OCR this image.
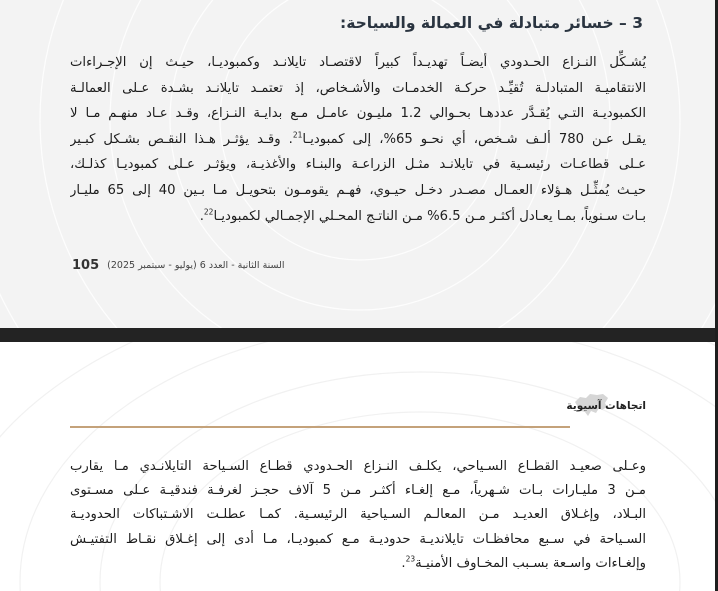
3 – خسائر متبادلة في العمالة والسياحة:
يُشـكِّل النـزاع الحـدودي أيضـاً تهديـداً كبيراً لاقتصـاد تايلانـد وكمبوديـا، حيـث إن الإجـراءات
الانتقاميـة المتبادلـة تُقيِّـد حركـة الخدمـات والأشـخاص، إذ تعتمـد تايلانـد بشـدة عـلى العمالـة
الكمبوديـة التـي يُقـدَّر عددهـا بحـوالي 1.2 مليـون عامـل مـع بدايـة النـزاع، وقـد عـاد منهـم مـا لا
يقـل عـن 780 ألـف شـخص، أي نحـو 65%، إلى كمبوديـا$^{21}$. وقـد يؤثـر هـذا النقـص بشـكل كبـير
عـلى قطاعـات رئيسـية في تايلانـد مثـل الزراعـة والبنـاء والأغذيـة، ويؤثـر عـلى كمبوديـا كذلـك،
حيـث يُمثِّـل هـؤلاء العمـال مصـدر دخـل حيـوي، فهـم يقومـون بتحويـل مـا بـين 40 إلى 65 مليـار
بـات سـنوياً، بمـا يعـادل أكثـر مـن 6.5% مـن الناتـج المحـلي الإجمـالي لكمبوديـا$^{22}$.
105 السنة الثانية - العدد 6 (يوليو - سبتمبر 2025)
اتجاهات آسيوية
وعـلى صعيـد القطـاع السـياحي، يكلـف النـزاع الحـدودي قطـاع السـياحة التايلانـدي مـا يقارب
مـن 3 مليـارات بـات شـهرياً، مـع إلغـاء أكثـر مـن 5 آلاف حجـز لغرفـة فندقيـة عـلى مسـتوى
البـلاد، وإغـلاق العديـد مـن المعالـم السـياحية الرئيسـية. كمـا عطلـت الاشـتباكات الحدوديـة
السـياحة في سـبع محافظـات تايلانديـة حدوديـة مـع كمبوديـا، مـا أدى إلى إغـلاق نقـاط التفتيـش
وإلغـاءات واسـعة بسـبب المخـاوف الأمنيـة$^{23}$.
